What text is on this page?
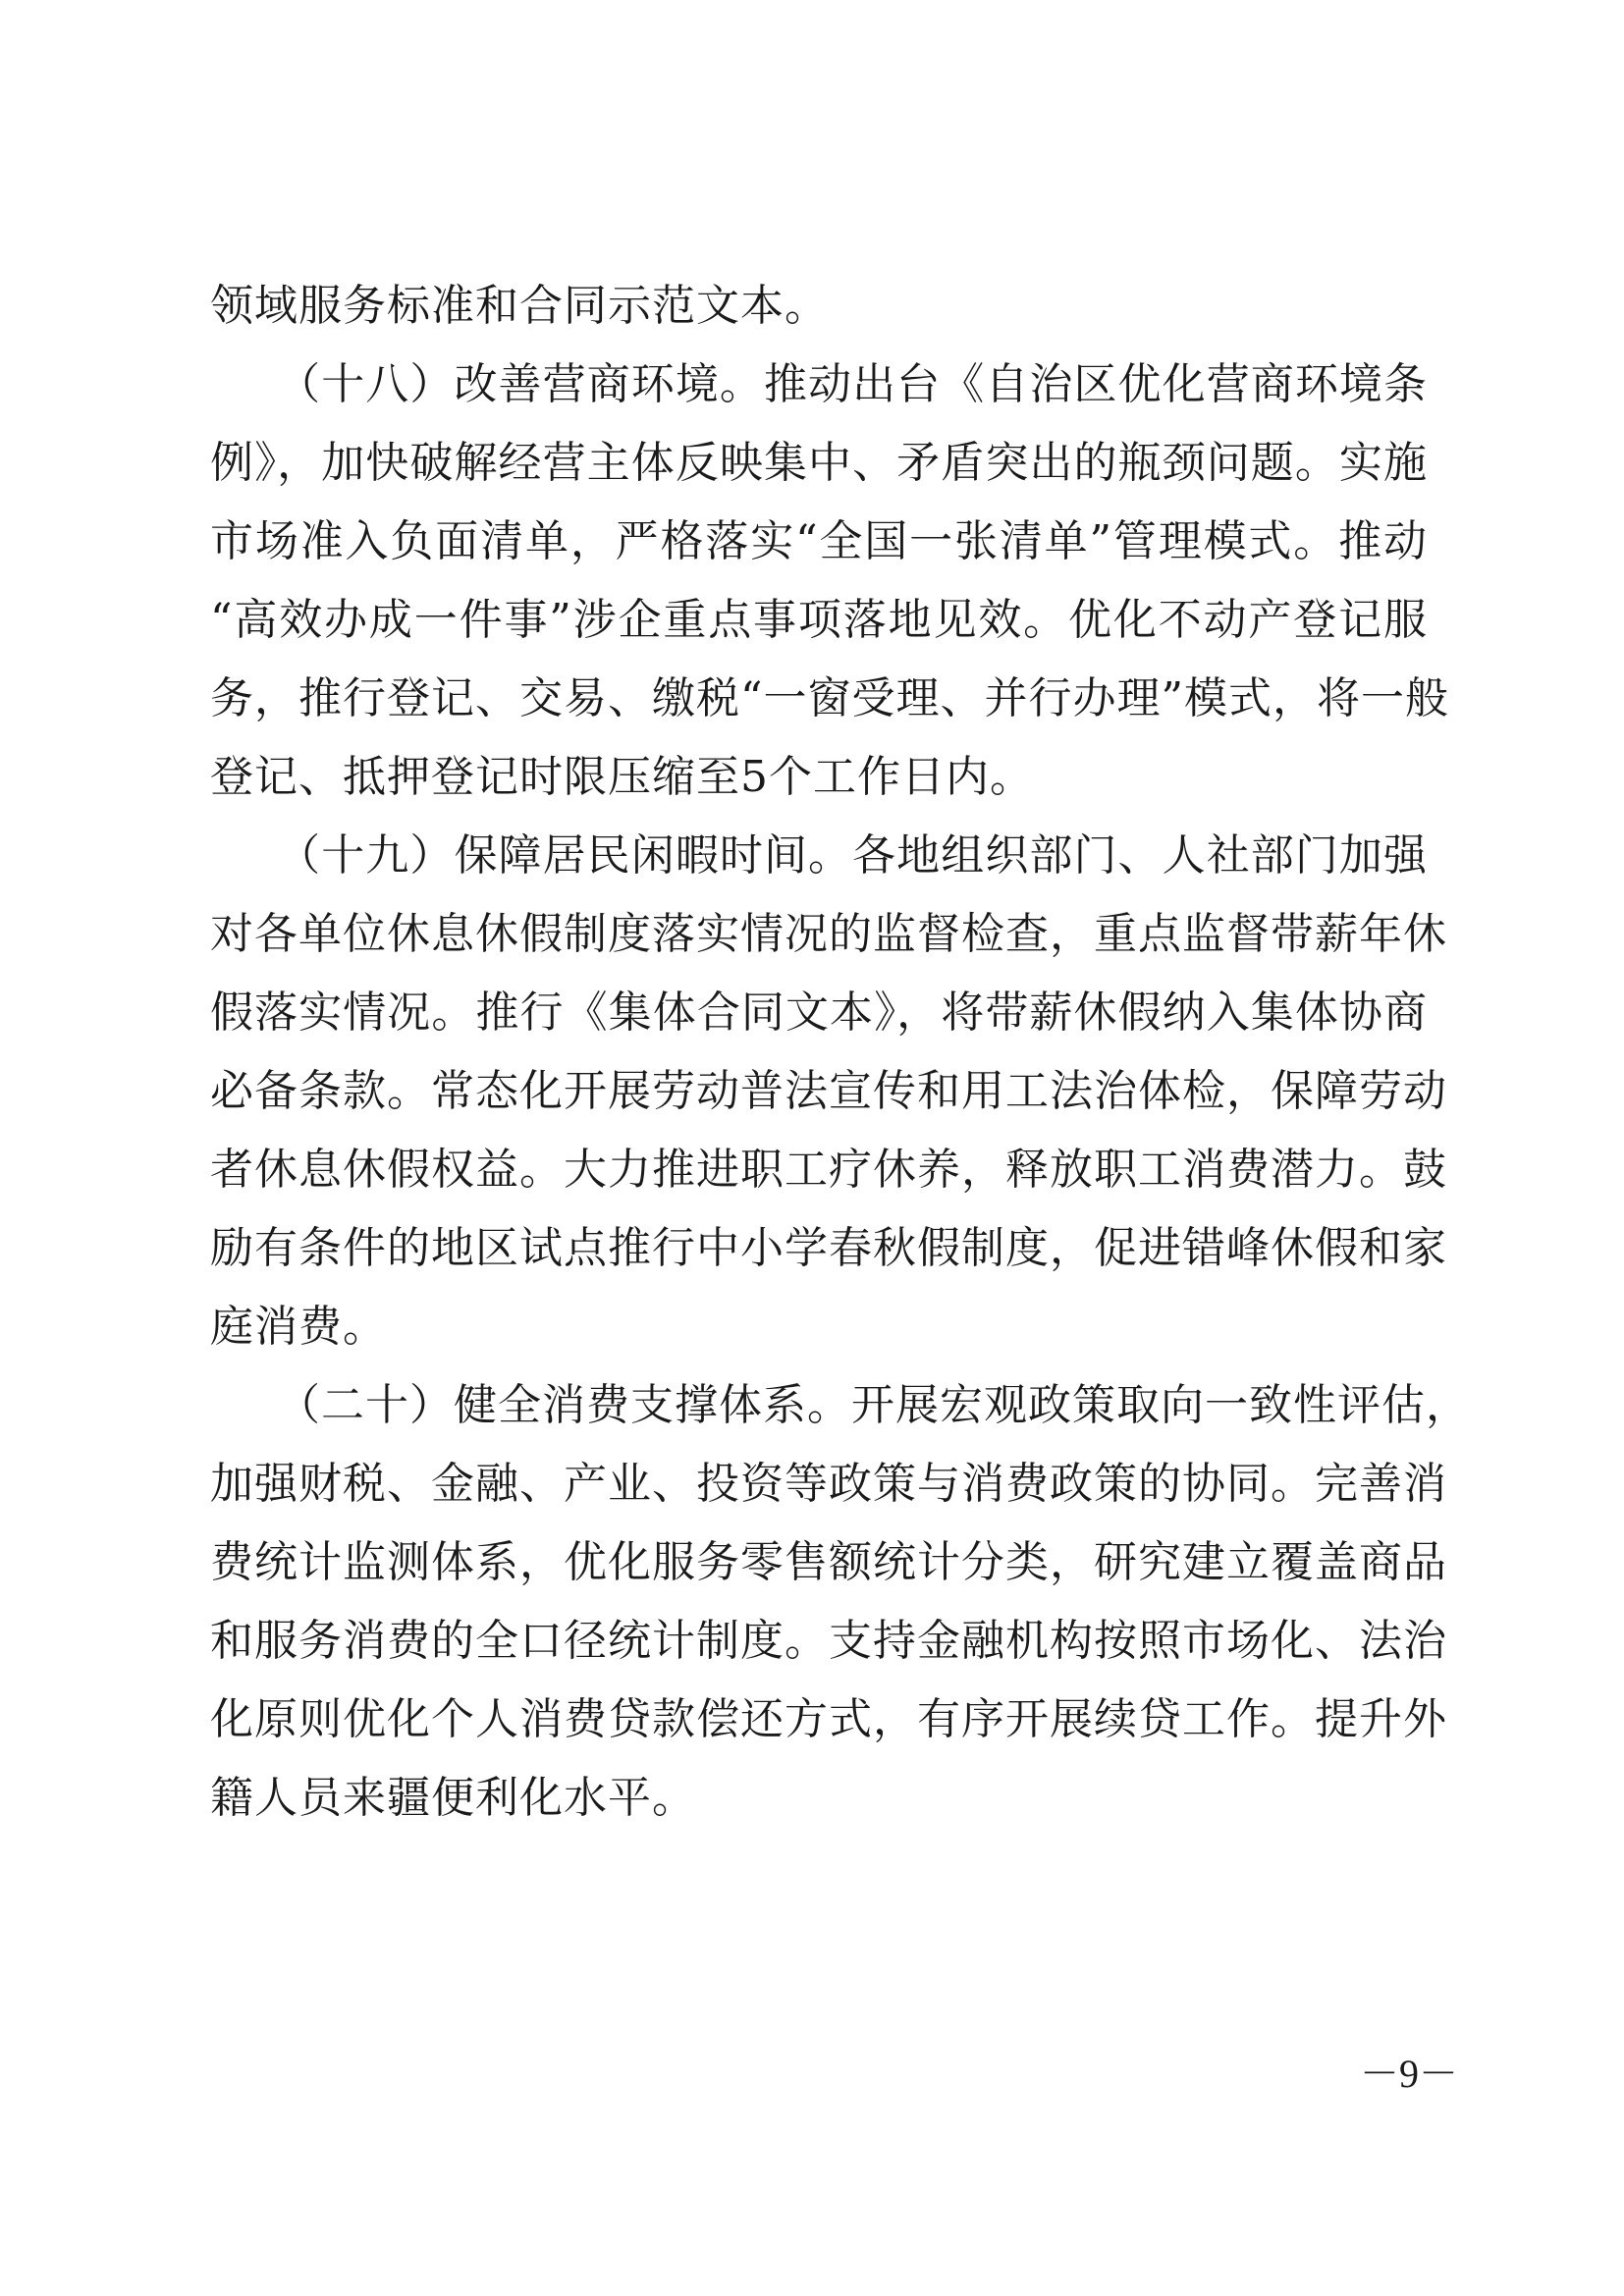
领域服务标准和合同示范文本。
　　（十八）改善营商环境。推动出台《自治区优化营商环境条
例》，加快破解经营主体反映集中、矛盾突出的瓶颈问题。实施
市场准入负面清单，严格落实“全国一张清单”管理模式。推动
“高效办成一件事”涉企重点事项落地见效。优化不动产登记服
务，推行登记、交易、缴税“一窗受理、并行办理”模式，将一般
登记、抵押登记时限压缩至5个工作日内。
　　（十九）保障居民闲暇时间。各地组织部门、人社部门加强
对各单位休息休假制度落实情况的监督检查，重点监督带薪年休
假落实情况。推行《集体合同文本》，将带薪休假纳入集体协商
必备条款。常态化开展劳动普法宣传和用工法治体检，保障劳动
者休息休假权益。大力推进职工疗休养，释放职工消费潜力。鼓
励有条件的地区试点推行中小学春秋假制度，促进错峰休假和家
庭消费。
　　（二十）健全消费支撑体系。开展宏观政策取向一致性评估，
加强财税、金融、产业、投资等政策与消费政策的协同。完善消
费统计监测体系，优化服务零售额统计分类，研究建立覆盖商品
和服务消费的全口径统计制度。支持金融机构按照市场化、法治
化原则优化个人消费贷款偿还方式，有序开展续贷工作。提升外
籍人员来疆便利化水平。
－9－
